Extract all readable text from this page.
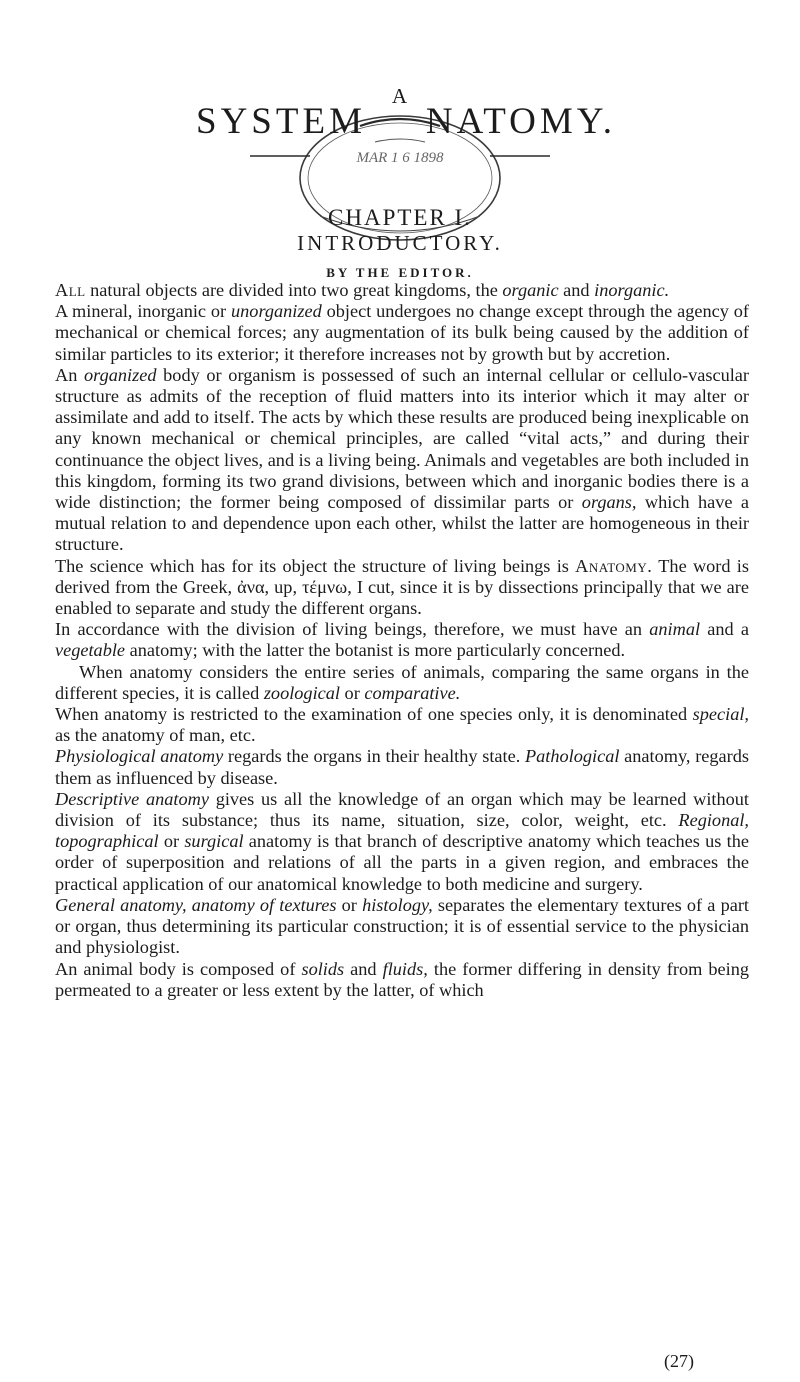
A
MAR 1 6 1898
SYSTEM NATOMY.
CHAPTER I.
INTRODUCTORY.
BY THE EDITOR.

All natural objects are divided into two great kingdoms, the organic and inorganic.

A mineral, inorganic or unorganized object undergoes no change except through the agency of mechanical or chemical forces; any augmentation of its bulk being caused by the addition of similar particles to its exterior; it therefore increases not by growth but by accretion.

An organized body or organism is possessed of such an internal cellular or cellulo-vascular structure as admits of the reception of fluid matters into its interior which it may alter or assimilate and add to itself. The acts by which these results are produced being inexplicable on any known mechanical or chemical principles, are called “vital acts,” and during their continuance the object lives, and is a living being. Animals and vegetables are both included in this kingdom, forming its two grand divisions, between which and inorganic bodies there is a wide distinction; the former being composed of dissimilar parts or organs, which have a mutual relation to and dependence upon each other, whilst the latter are homogeneous in their structure.

The science which has for its object the structure of living beings is Anatomy. The word is derived from the Greek, ἀνα, up, τέμνω, I cut, since it is by dissections principally that we are enabled to separate and study the different organs.

In accordance with the division of living beings, therefore, we must have an animal and a vegetable anatomy; with the latter the botanist is more particularly concerned.

When anatomy considers the entire series of animals, comparing the same organs in the different species, it is called zoological or comparative.

When anatomy is restricted to the examination of one species only, it is denominated special, as the anatomy of man, etc.

Physiological anatomy regards the organs in their healthy state. Pathological anatomy, regards them as influenced by disease.

Descriptive anatomy gives us all the knowledge of an organ which may be learned without division of its substance; thus its name, situation, size, color, weight, etc. Regional, topographical or surgical anatomy is that branch of descriptive anatomy which teaches us the order of superposition and relations of all the parts in a given region, and embraces the practical application of our anatomical knowledge to both medicine and surgery.

General anatomy, anatomy of textures or histology, separates the elementary textures of a part or organ, thus determining its particular construction; it is of essential service to the physician and physiologist.

An animal body is composed of solids and fluids, the former differing in density from being permeated to a greater or less extent by the latter, of which

(27)
